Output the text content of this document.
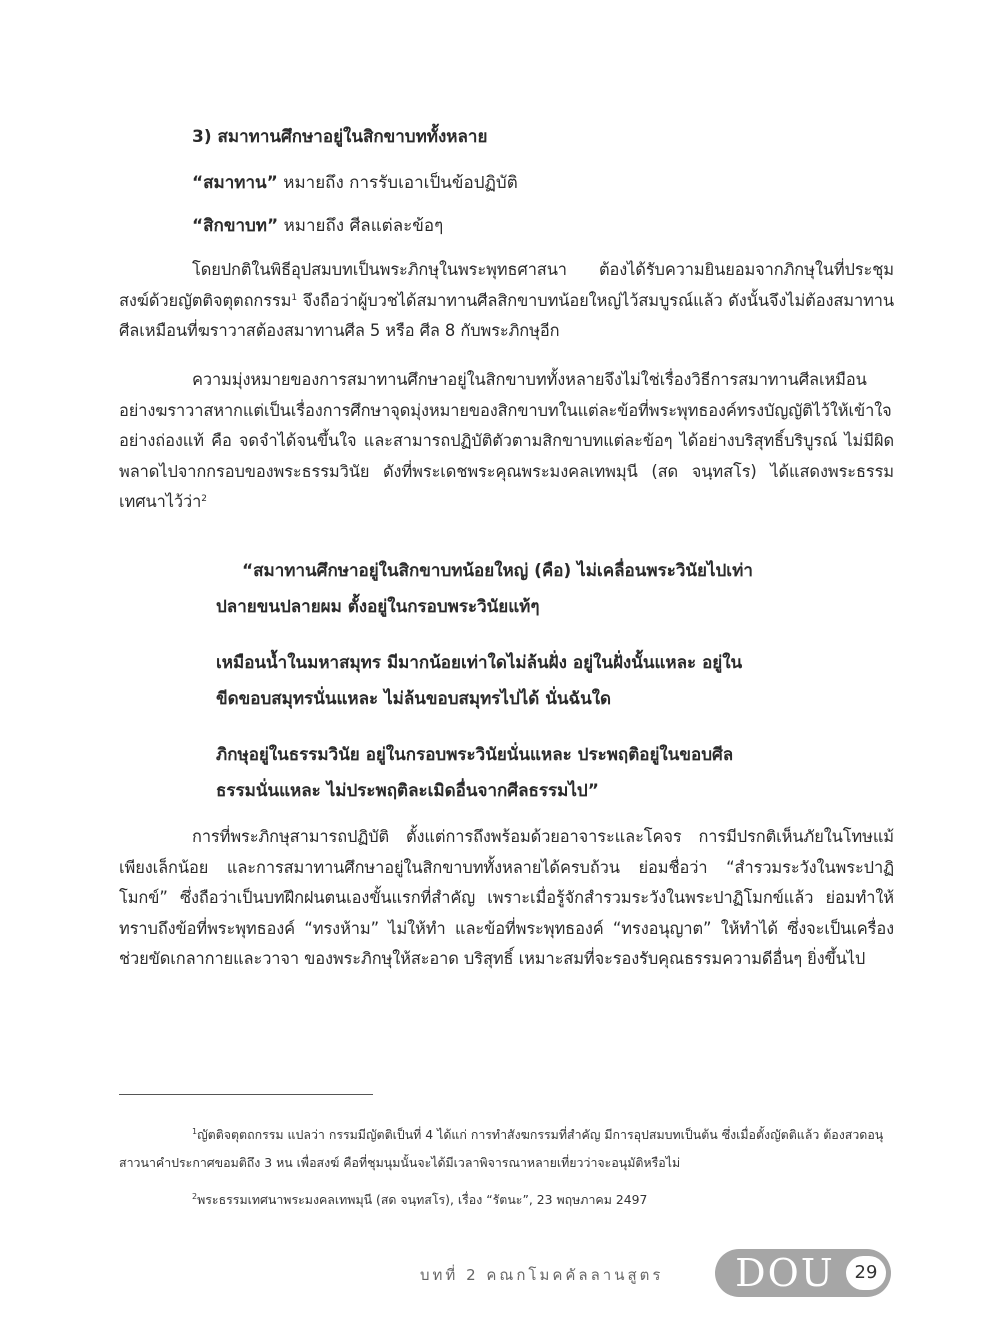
3) สมาทานศึกษาอยู่ในสิกขาบททั้งหลาย

“สมาทาน” หมายถึง การรับเอาเป็นข้อปฏิบัติ

“สิกขาบท” หมายถึง ศีลแต่ละข้อๆ

โดยปกติในพิธีอุปสมบทเป็นพระภิกษุในพระพุทธศาสนา ต้องได้รับความยินยอมจากภิกษุในที่ประชุมสงฆ์ด้วยญัตติจตุตถกรรม$^1$ จึงถือว่าผู้บวชได้สมาทานศีลสิกขาบทน้อยใหญ่ไว้สมบูรณ์แล้ว ดังนั้นจึงไม่ต้องสมาทานศีลเหมือนที่ฆราวาสต้องสมาทานศีล 5 หรือ ศีล 8 กับพระภิกษุอีก

ความมุ่งหมายของการสมาทานศึกษาอยู่ในสิกขาบททั้งหลายจึงไม่ใช่เรื่องวิธีการสมาทานศีลเหมือนอย่างฆราวาสหากแต่เป็นเรื่องการศึกษาจุดมุ่งหมายของสิกขาบทในแต่ละข้อที่พระพุทธองค์ทรงบัญญัติไว้ให้เข้าใจอย่างถ่องแท้ คือ จดจำได้จนขึ้นใจ และสามารถปฏิบัติตัวตามสิกขาบทแต่ละข้อๆ ได้อย่างบริสุทธิ์บริบูรณ์ ไม่มีผิดพลาดไปจากกรอบของพระธรรมวินัย ดังที่พระเดชพระคุณพระมงคลเทพมุนี (สด จนฺทสโร) ได้แสดงพระธรรมเทศนาไว้ว่า$^2$

“สมาทานศึกษาอยู่ในสิกขาบทน้อยใหญ่ (คือ) ไม่เคลื่อนพระวินัยไปเท่า
ปลายขนปลายผม ตั้งอยู่ในกรอบพระวินัยแท้ๆ
เหมือนน้ำในมหาสมุทร มีมากน้อยเท่าใดไม่ล้นฝั่ง อยู่ในฝั่งนั้นแหละ อยู่ใน
ขีดขอบสมุทรนั่นแหละ ไม่ล้นขอบสมุทรไปได้ นั่นฉันใด
ภิกษุอยู่ในธรรมวินัย อยู่ในกรอบพระวินัยนั่นแหละ ประพฤติอยู่ในขอบศีล
ธรรมนั่นแหละ ไม่ประพฤติละเมิดอื่นจากศีลธรรมไป”

การที่พระภิกษุสามารถปฏิบัติ ตั้งแต่การถึงพร้อมด้วยอาจาระและโคจร การมีปรกติเห็นภัยในโทษแม้เพียงเล็กน้อย และการสมาทานศึกษาอยู่ในสิกขาบททั้งหลายได้ครบถ้วน ย่อมชื่อว่า “สำรวมระวังในพระปาฏิโมกข์” ซึ่งถือว่าเป็นบทฝึกฝนตนเองขั้นแรกที่สำคัญ เพราะเมื่อรู้จักสำรวมระวังในพระปาฏิโมกข์แล้ว ย่อมทำให้ทราบถึงข้อที่พระพุทธองค์ “ทรงห้าม” ไม่ให้ทำ และข้อที่พระพุทธองค์ “ทรงอนุญาต” ให้ทำได้ ซึ่งจะเป็นเครื่องช่วยขัดเกลากายและวาจา ของพระภิกษุให้สะอาด บริสุทธิ์ เหมาะสมที่จะรองรับคุณธรรมความดีอื่นๆ ยิ่งขึ้นไป

$^1$ญัตติจตุตถกรรม แปลว่า กรรมมีญัตติเป็นที่ 4 ได้แก่ การทำสังฆกรรมที่สำคัญ มีการอุปสมบทเป็นต้น ซึ่งเมื่อตั้งญัตติแล้ว ต้องสวดอนุสาวนาคำประกาศขอมติถึง 3 หน เพื่อสงฆ์ คือที่ชุมนุมนั้นจะได้มีเวลาพิจารณาหลายเที่ยวว่าจะอนุมัติหรือไม่

$^2$พระธรรมเทศนาพระมงคลเทพมุนี (สด จนฺทสโร), เรื่อง “รัตนะ”, 23 พฤษภาคม 2497

บทที่ 2 คณกโมคคัลลานสูตร	DOU	29
